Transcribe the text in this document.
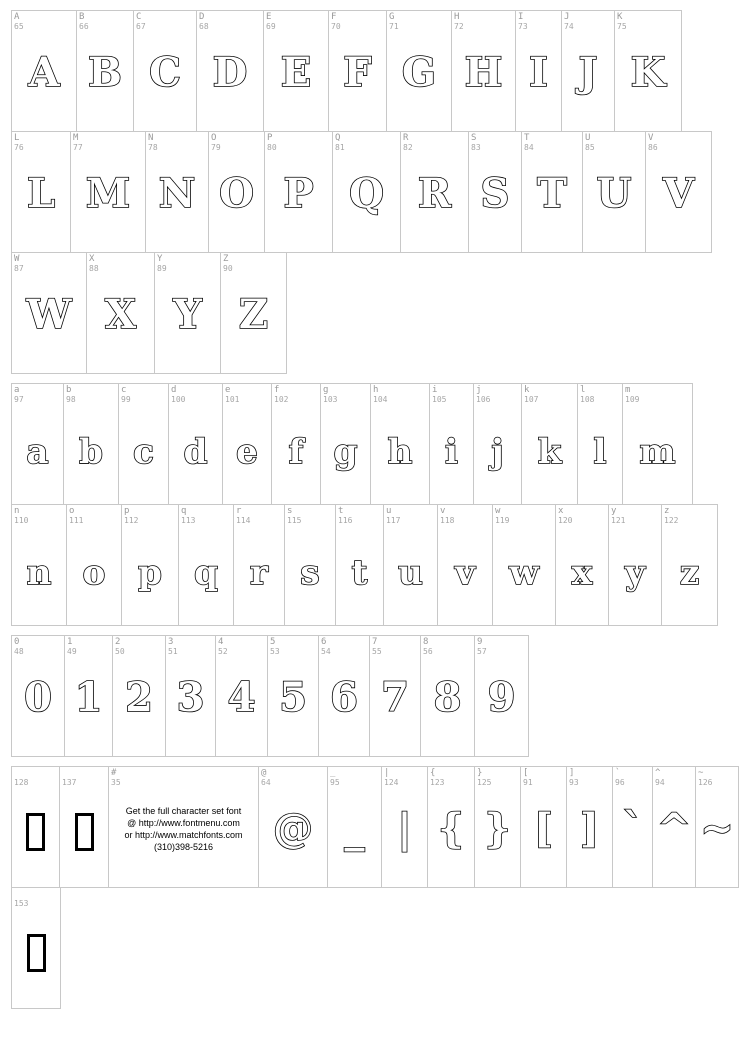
A
65
A
B
66
B
C
67
C
D
68
D
E
69
E
F
70
F
G
71
G
H
72
H
I
73
I
J
74
J
K
75
K
L
76
L
M
77
M
N
78
N
O
79
O
P
80
P
Q
81
Q
R
82
R
S
83
S
T
84
T
U
85
U
V
86
V
W
87
W
X
88
X
Y
89
Y
Z
90
Z
a
97
a
b
98
b
c
99
c
d
100
d
e
101
e
f
102
f
g
103
g
h
104
h
i
105
i
j
106
j
k
107
k
l
108
l
m
109
m
n
110
n
o
111
o
p
112
p
q
113
q
r
114
r
s
115
s
t
116
t
u
117
u
v
118
v
w
119
w
x
120
x
y
121
y
z
122
z
0
48
0
1
49
1
2
50
2
3
51
3
4
52
4
5
53
5
6
54
6
7
55
7
8
56
8
9
57
9
128	137
#
35
Get the full character set font
@ http://www.fontmenu.com
or http://www.matchfonts.com
(310)398-5216
@
64
@
_
95
_
|
124
|
{
123
{
}
125
}
[
91
[
]
93
]
`
96
`
^
94
^
~
126
~
153
